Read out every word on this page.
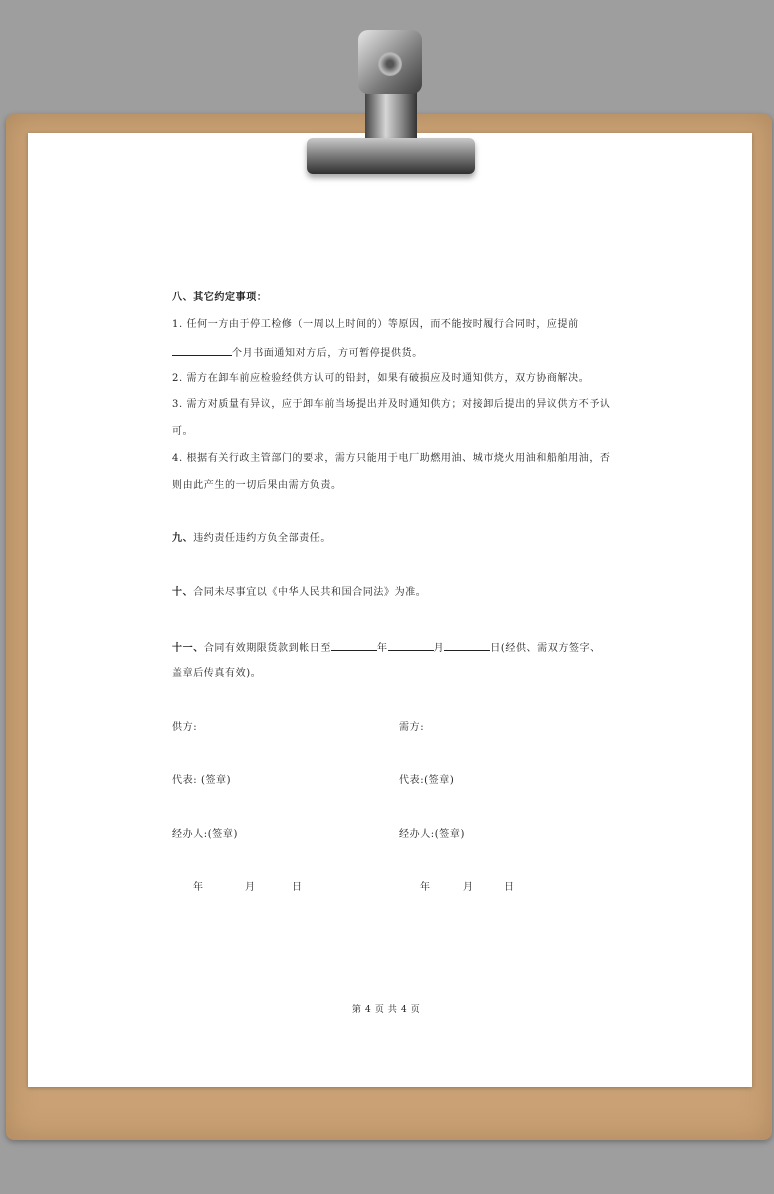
八、其它约定事项：
1. 任何一方由于停工检修（一周以上时间的）等原因，而不能按时履行合同时，应提前
个月书面通知对方后，方可暂停提供货。
2. 需方在卸车前应检验经供方认可的铅封，如果有破损应及时通知供方，双方协商解决。
3. 需方对质量有异议，应于卸车前当场提出并及时通知供方；对接卸后提出的异议供方不予认
可。
4. 根据有关行政主管部门的要求，需方只能用于电厂助燃用油、城市烧火用油和船舶用油，否
则由此产生的一切后果由需方负责。
九、违约责任违约方负全部责任。
十、合同未尽事宜以《中华人民共和国合同法》为准。
十一、合同有效期限货款到帐日至	年	月	日(经供、需双方签字、
盖章后传真有效)。
供方:	需方:
代表: (签章)	代表:(签章)
经办人:(签章)	经办人:(签章)
年	月	日	年	月	日
第 4 页 共 4 页
